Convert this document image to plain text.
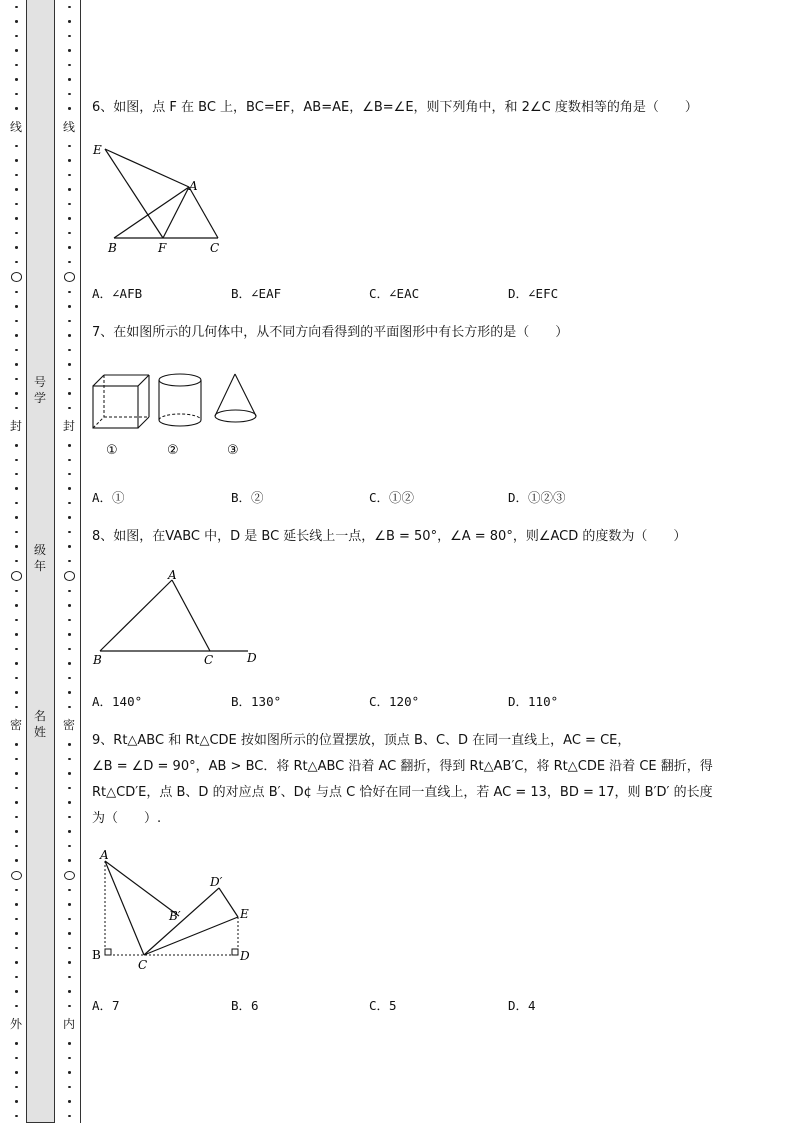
线
封
密
外
线
封
密
内
号学
级年
名姓
6、如图，点 F 在 BC 上，BC=EF，AB=AE，∠B=∠E，则下列角中，和 2∠C 度数相等的角是（　　）
E
A
B	F	C
A．∠AFB	B．∠EAF	C．∠EAC	D．∠EFC
7、在如图所示的几何体中，从不同方向看得到的平面图形中有长方形的是（　　）
①	②	③
A．①	B．②	C．①②	D．①②③
8、如图，在VABC 中，D 是 BC 延长线上一点，∠B = 50°，∠A = 80°，则∠ACD 的度数为（　　）
A
B	C	D
A．140°	B．130°	C．120°	D．110°
9、Rt△ABC 和 Rt△CDE 按如图所示的位置摆放，顶点 B、C、D 在同一直线上，AC = CE，
∠B = ∠D = 90°，AB > BC．将 Rt△ABC 沿着 AC 翻折，得到 Rt△AB′C，将 Rt△CDE 沿着 CE 翻折，得
Rt△CD′E，点 B、D 的对应点 B′、D¢ 与点 C 恰好在同一直线上，若 AC = 13，BD = 17，则 B′D′ 的长度
为（　　）.
A
B
C
D
E
B′
D′
A．7	B．6	C．5	D．4
